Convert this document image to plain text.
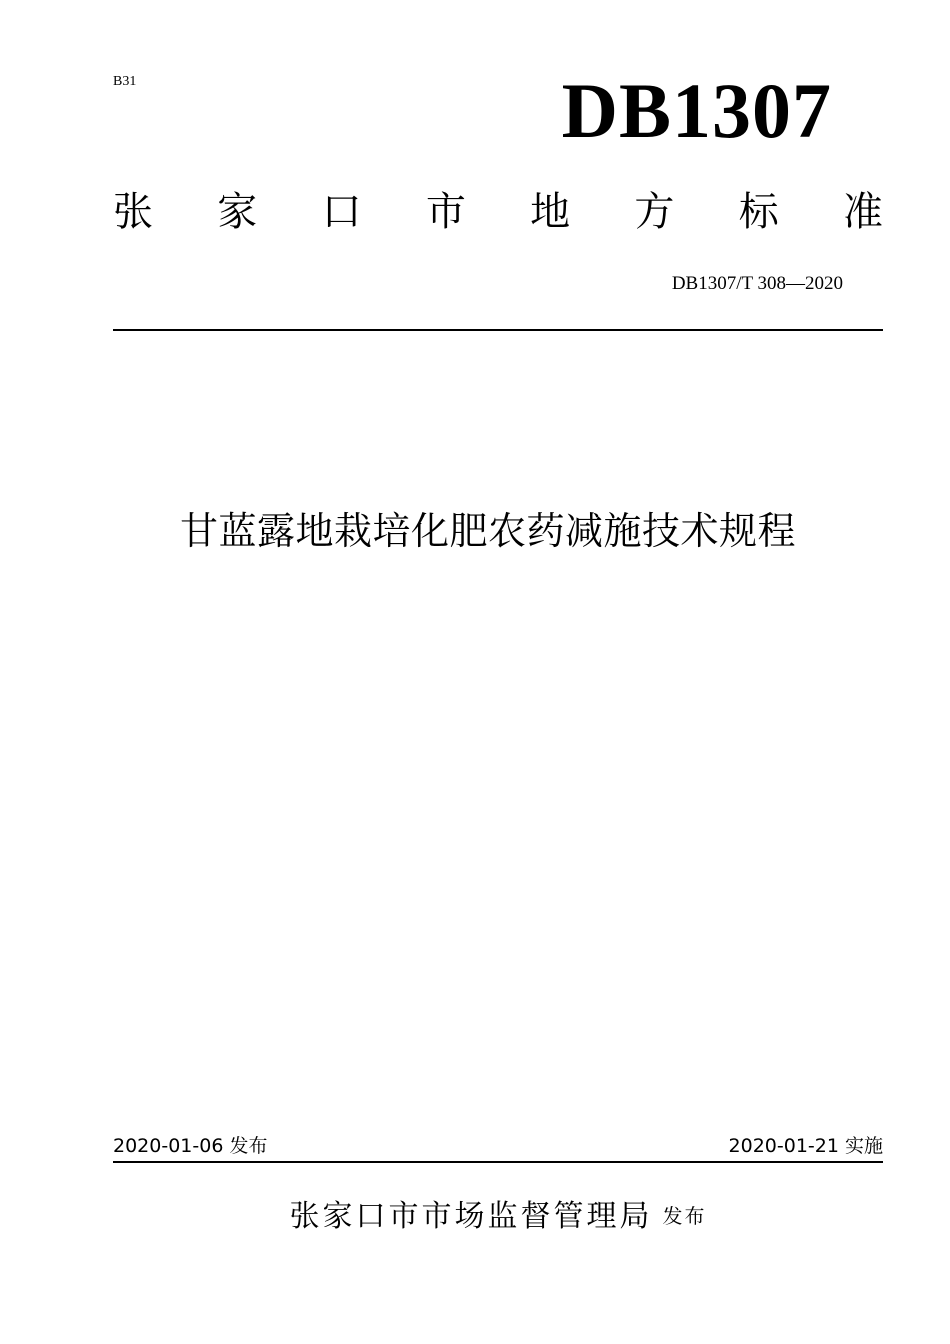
B31	DB1307
张 家 口 市 地 方 标 准
DB1307/T 308—2020
甘蓝露地栽培化肥农药减施技术规程
2020-01-06 发布	2020-01-21 实施
张家口市市场监督管理局 发布
